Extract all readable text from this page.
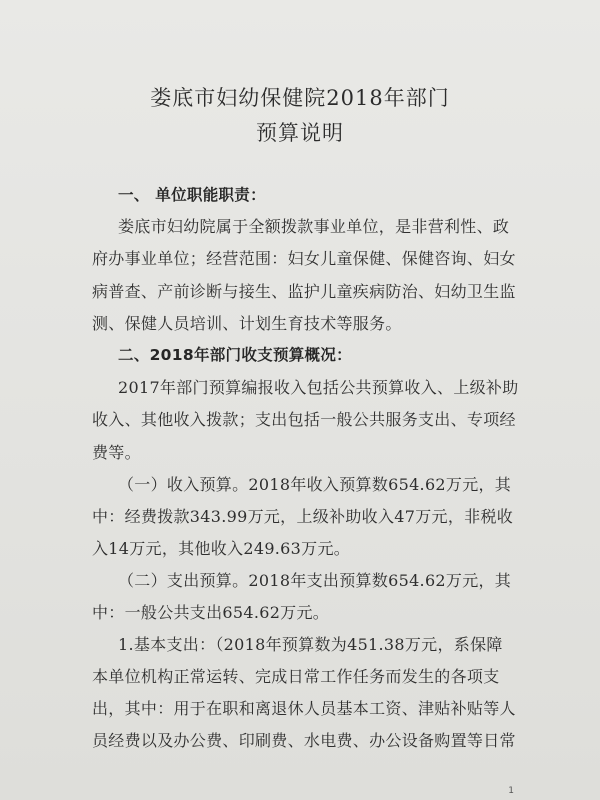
娄底市妇幼保健院2018年部门
预算说明
一、 单位职能职责：
娄底市妇幼院属于全额拨款事业单位，是非营利性、政
府办事业单位；经营范围：妇女儿童保健、保健咨询、妇女
病普查、产前诊断与接生、监护儿童疾病防治、妇幼卫生监
测、保健人员培训、计划生育技术等服务。
二、2018年部门收支预算概况：
2017年部门预算编报收入包括公共预算收入、上级补助
收入、其他收入拨款；支出包括一般公共服务支出、专项经
费等。
（一）收入预算。2018年收入预算数654.62万元，其
中：经费拨款343.99万元，上级补助收入47万元，非税收
入14万元，其他收入249.63万元。
（二）支出预算。2018年支出预算数654.62万元，其
中：一般公共支出654.62万元。
1.基本支出：（2018年预算数为451.38万元，系保障
本单位机构正常运转、完成日常工作任务而发生的各项支
出，其中：用于在职和离退休人员基本工资、津贴补贴等人
员经费以及办公费、印刷费、水电费、办公设备购置等日常
1
